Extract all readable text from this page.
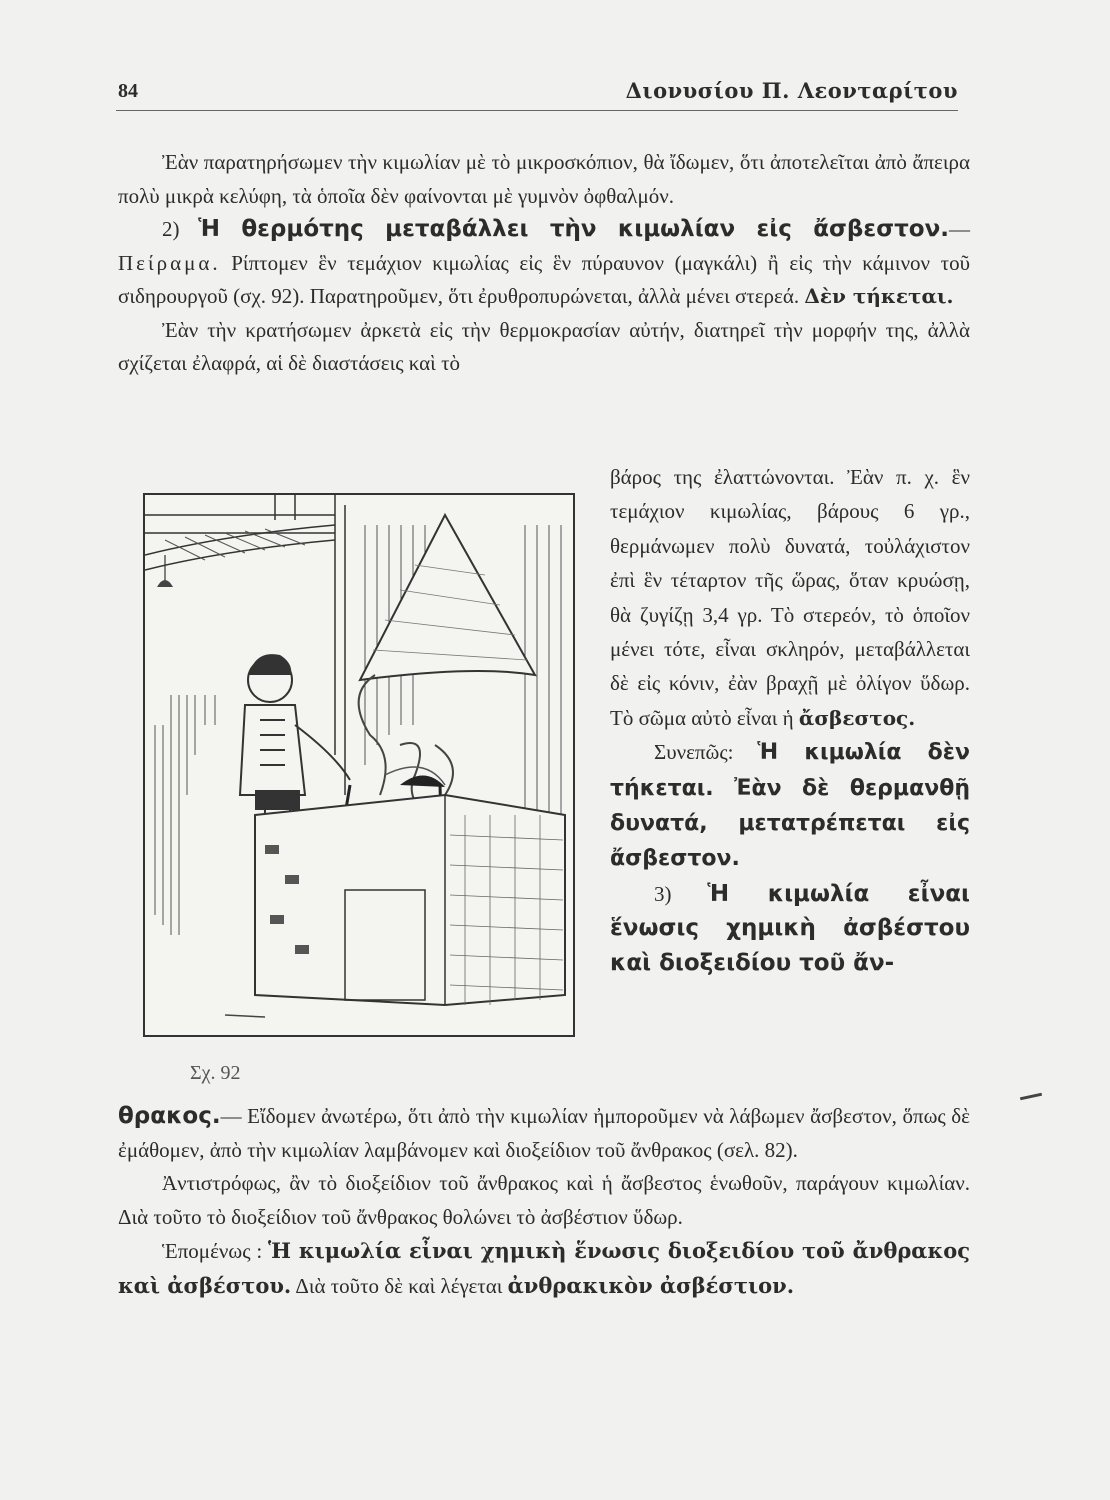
84	Διονυσίου Π. Λεονταρίτου

Ἐὰν παρατηρήσωμεν τὴν κιμωλίαν μὲ τὸ μικροσκόπιον, θὰ ἴδωμεν, ὅτι ἀποτελεῖται ἀπὸ ἄπειρα πολὺ μικρὰ κελύφη, τὰ ὁποῖα δὲν φαίνονται μὲ γυμνὸν ὀφθαλμόν.

2) Ἡ θερμότης μεταβάλλει τὴν κιμωλίαν εἰς ἄσβεστον.— Πείραμα. Ρίπτομεν ἓν τεμάχιον κιμωλίας εἰς ἓν πύραυνον (μαγκάλι) ἢ εἰς τὴν κάμινον τοῦ σιδηρουργοῦ (σχ. 92). Παρατηροῦμεν, ὅτι ἐρυθροπυρώνεται, ἀλλὰ μένει στερεά. Δὲν τήκεται.

Ἐὰν τὴν κρατήσωμεν ἀρκετὰ εἰς τὴν θερμοκρασίαν αὐτήν, διατηρεῖ τὴν μορφήν της, ἀλλὰ σχίζεται ἐλαφρά, αἱ δὲ διαστάσεις καὶ τὸ

Σχ. 92

βάρος της ἐλαττώνονται. Ἐὰν π. χ. ἓν τεμάχιον κιμωλίας, βάρους 6 γρ., θερμάνωμεν πολὺ δυνατά, τοὐλάχιστον ἐπὶ ἓν τέταρτον τῆς ὥρας, ὅταν κρυώσῃ, θὰ ζυγίζῃ 3,4 γρ. Τὸ στερεόν, τὸ ὁποῖον μένει τότε, εἶναι σκληρόν, μεταβάλλεται δὲ εἰς κόνιν, ἐὰν βραχῇ μὲ ὀλίγον ὕδωρ. Τὸ σῶμα αὐτὸ εἶναι ἡ ἄσβεστος.

Συνεπῶς: Ἡ κιμωλία δὲν τήκεται. Ἐὰν δὲ θερμανθῇ δυνατά, μετατρέπεται εἰς ἄσβεστον.

3) Ἡ κιμωλία εἶναι ἕνωσις χημικὴ ἀσβέστου καὶ διοξειδίου τοῦ ἄν-

θρακος.— Εἴδομεν ἀνωτέρω, ὅτι ἀπὸ τὴν κιμωλίαν ἠμποροῦμεν νὰ λάβωμεν ἄσβεστον, ὅπως δὲ ἐμάθομεν, ἀπὸ τὴν κιμωλίαν λαμβάνομεν καὶ διοξείδιον τοῦ ἄνθρακος (σελ. 82).

Ἀντιστρόφως, ἂν τὸ διοξείδιον τοῦ ἄνθρακος καὶ ἡ ἄσβεστος ἑνωθοῦν, παράγουν κιμωλίαν. Διὰ τοῦτο τὸ διοξείδιον τοῦ ἄνθρακος θολώνει τὸ ἀσβέστιον ὕδωρ.

Ἑπομένως : Ἡ κιμωλία εἶναι χημικὴ ἕνωσις διοξειδίου τοῦ ἄνθρακος καὶ ἀσβέστου. Διὰ τοῦτο δὲ καὶ λέγεται ἀνθρακικὸν ἀσβέστιον.
